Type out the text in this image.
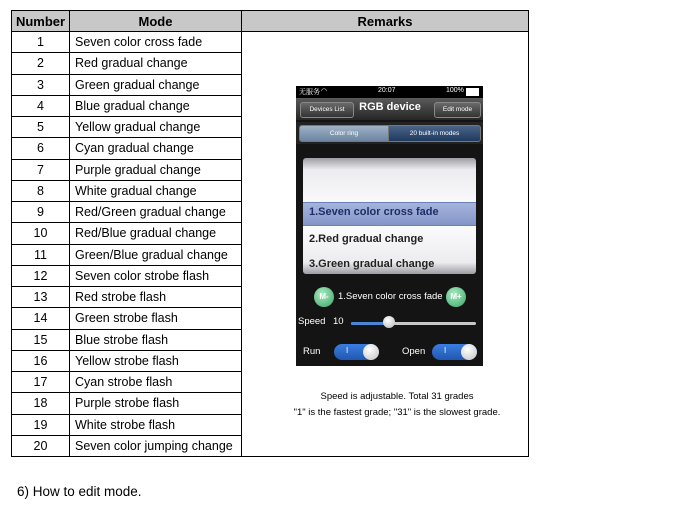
Number	Mode	Remarks
1	Seven color cross fade	
2	Red gradual change	
3	Green gradual change	
4	Blue gradual change	
5	Yellow gradual change	
6	Cyan gradual change	
7	Purple gradual change	
8	White gradual change	
9	Red/Green gradual change	
10	Red/Blue gradual change	
11	Green/Blue gradual change	
12	Seven color strobe flash	
13	Red strobe flash	
14	Green strobe flash	
15	Blue strobe flash	
16	Yellow strobe flash	
17	Cyan strobe flash	
18	Purple strobe flash	
19	White strobe flash	
20	Seven color jumping change	
无服务 ◠	20:07	100%
Devices List	RGB device	Edit mode
Color ring	20 built-in modes
1.Seven color cross fade
2.Red gradual change
3.Green gradual change
M- 1.Seven color cross fade M+
Speed 10
Run	I	Open I
Speed is adjustable. Total 31 grades
"1" is the fastest grade; "31" is the slowest grade.
6) How to edit mode.
